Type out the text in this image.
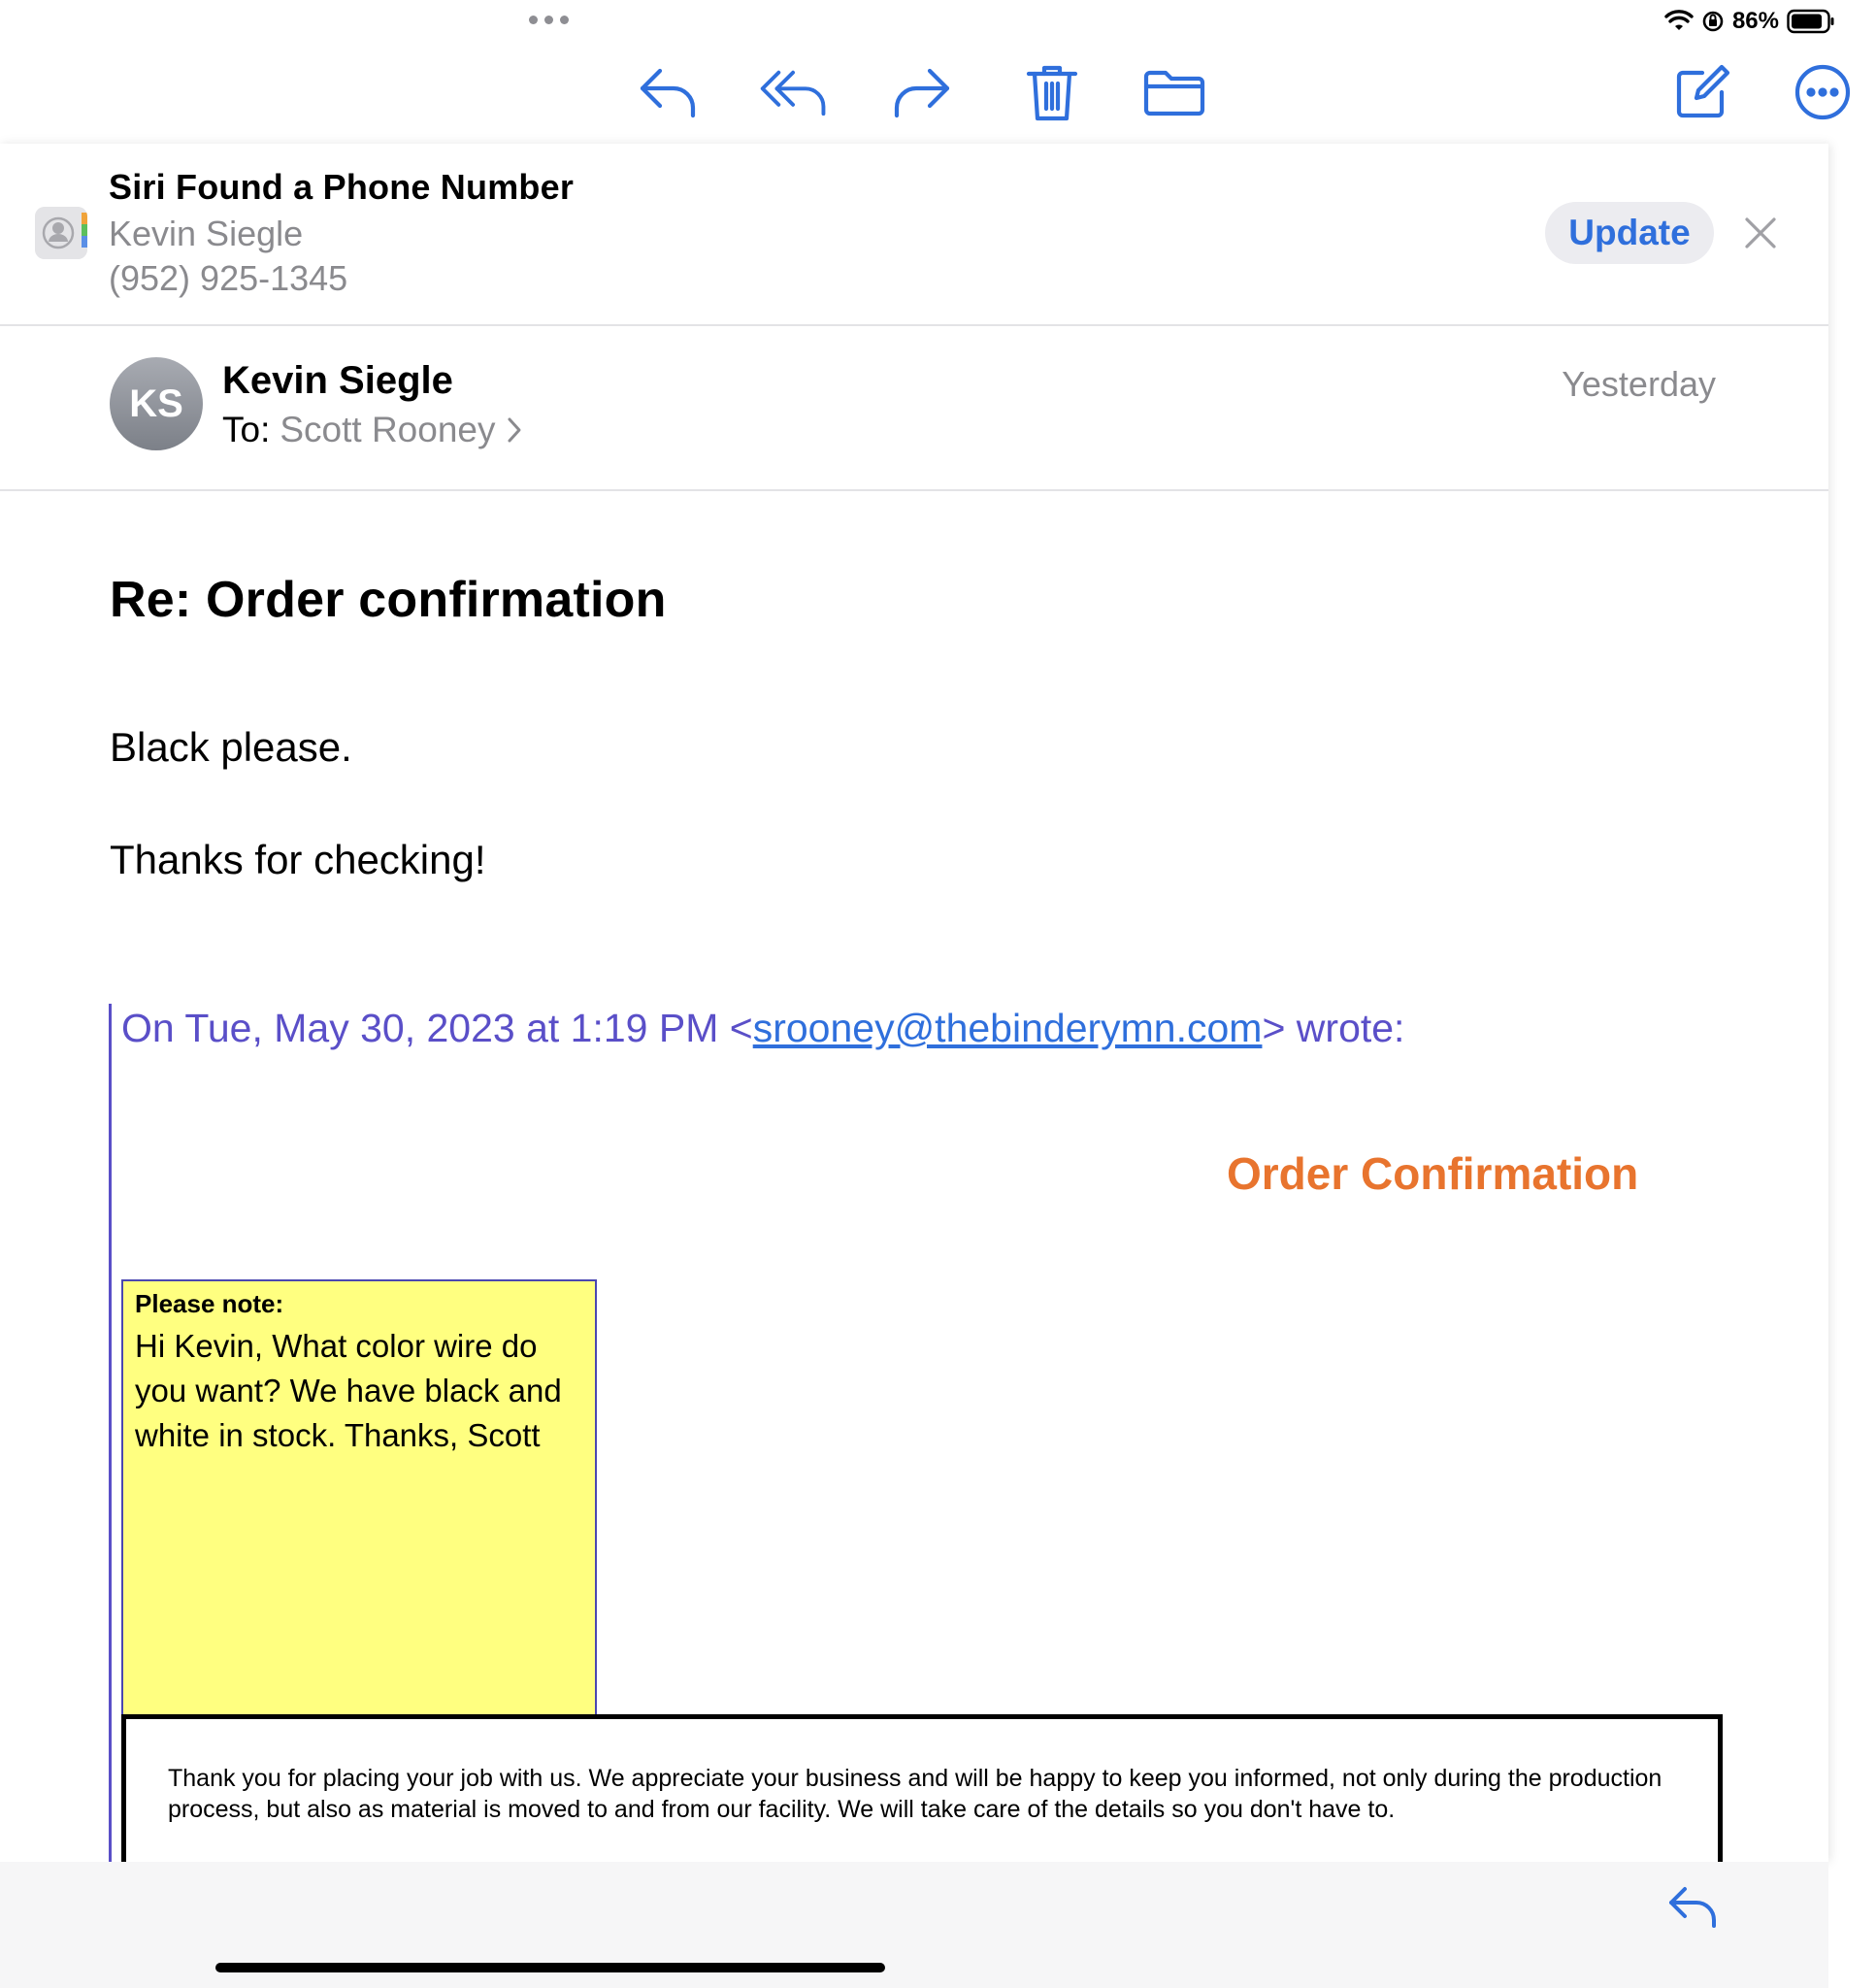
86%
Siri Found a Phone Number
Kevin Siegle
(952) 925-1345
Update
KS
Kevin Siegle
To: Scott Rooney
Yesterday
Re: Order confirmation
Black please.
Thanks for checking!
On Tue, May 30, 2023 at 1:19 PM <srooney@thebinderymn.com> wrote:
Order Confirmation
Please note:
Hi Kevin, What color wire do you want? We have black and white in stock. Thanks, Scott
Thank you for placing your job with us. We appreciate your business and will be happy to keep you informed, not only during the production process, but also as material is moved to and from our facility. We will take care of the details so you don't have to.
